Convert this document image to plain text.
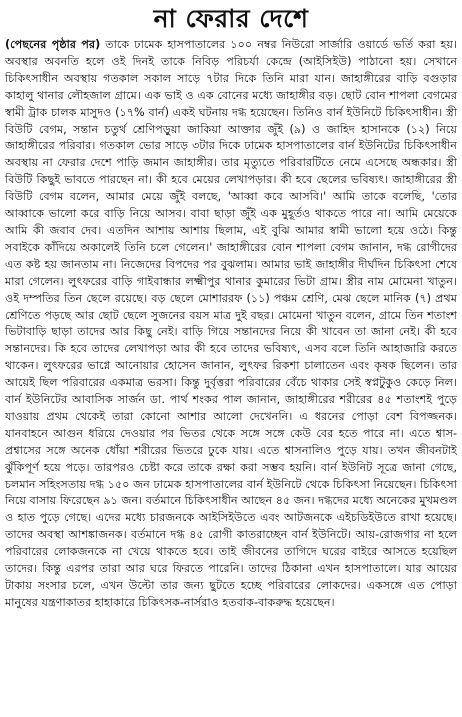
না ফেরার দেশে

(পেছনের পৃষ্ঠার পর) তাকে ঢামেক হাসপাতালের ১০০ নম্বর নিউরো সার্জারি ওয়ার্ডে ভর্তি করা হয়। অবস্থার অবনতি হলে ওই দিনই তাকে নিবিড় পরিচর্যা কেন্দ্রে (আইসিইউ) পাঠানো হয়। সেখানে চিকিৎসাধীন অবস্থায় গতকাল সকাল সাড়ে ৭টার দিকে তিনি মারা যান। জাহাঙ্গীরের বাড়ি বগুড়ার কাহালু থানার লৌহজাল গ্রামে। এক ভাই ও এক বোনের মধ্যে জাহাঙ্গীর বড়। ছোট বোন শাপলা বেগমের স্বামী ট্রাক চালক মাসুদও (১৭% বার্ন) একই ঘটনায় দগ্ধ হয়েছেন। তিনিও বার্ন ইউনিটে চিকিৎসাধীন। স্ত্রী বিউটি বেগম, সন্তান চতুর্থ শ্রেণিপড়ুয়া জাকিয়া আক্তার জুঁই (৯) ও জাহিদ হাসানকে (১২) নিয়ে জাহাঙ্গীরের পরিবার। গতকাল ভোর সাড়ে ৩টার দিকে ঢামেক হাসপাতালের বার্ন ইউনিটের চিকিৎসাধীন অবস্থায় না ফেরার দেশে পাড়ি জমান জাহাঙ্গীর। তার মৃত্যুতে পরিবারটিতে নেমে এসেছে অন্ধকার। স্ত্রী বিউটি কিছুই ভাবতে পারছেন না। কী হবে মেয়ের লেখাপড়ার। কী হবে ছেলের ভবিষ্যৎ। জাহাঙ্গীরের স্ত্রী বিউটি বেগম বলেন, আমার মেয়ে জুঁই বলছে, 'আব্বা কবে আসবি।' আমি তাকে বলেছি, 'তোর আব্বাকে ভালো করে বাড়ি নিয়ে আসব। বাবা ছাড়া জুঁই এক মুহূর্তও থাকতে পারে না। আমি মেয়েকে আমি কী জবাব দেব। এতদিন আশায় আশায় ছিলাম, এই বুঝি আমার স্বামী ভালো হয়ে ওঠে। কিন্তু সবাইকে কাঁদিয়ে অকালেই তিনি চলে গেলেন।' জাহাঙ্গীরের বোন শাপলা বেগম জানান, দগ্ধ রোগীদের এত কষ্ট হয় জানতাম না। নিজেদের বিপদের পর বুঝলাম। আমার ভাই জাহাঙ্গীর দীর্ঘদিন চিকিৎসা শেষে মারা গেলেন। লুৎফরের বাড়ি গাইবান্ধার লক্ষ্মীপুর থানার কুমারের ভিটা গ্রাম। স্ত্রীর নাম মোমেনা খাতুন। ওই দম্পতির তিন ছেলে রয়েছে। বড় ছেলে মোশাররফ (১১) পঞ্চম শ্রেণি, মেঝ ছেলে মানিক (৭) প্রথম শ্রেণিতে পড়ছে আর ছোট ছেলে সুজনের বয়স মাত্র দুই বছর। মোমেনা খাতুন বলেন, গ্রামে তিন শতাংশ ভিটাবাড়ি ছাড়া তাদের আর কিছু নেই। বাড়ি গিয়ে সন্তানদের নিয়ে কী খাবেন তা জানা নেই। কী হবে সন্তানদের। কি হবে তাদের লেখাপড়া আর কী হবে তাদের ভবিষ্যৎ, এসব বলে তিনি আহাজারি করতে থাকেন। লুৎফরের ভাগ্নে আনোয়ার হোসেন জানান, লুৎফর রিকশা চালাতেন এবং কৃষক ছিলেন। তার আয়েই ছিল পরিবারের একমাত্র ভরসা। কিন্তু দুর্বৃত্তরা পরিবারের বেঁচে থাকার সেই স্বপ্নটুকুও কেড়ে নিল। বার্ন ইউনিটের আবাসিক সার্জন ডা. পার্থ শংকর পাল জানান, জাহাঙ্গীরের শরীরের ৪৫ শতাংশই পুড়ে যাওয়ায় প্রথম থেকেই তারা কোনো আশার আলো দেখেননি। এ ধরনের পোড়া বেশ বিপজ্জনক। যানবাহনে আগুন ধরিয়ে দেওয়ার পর ভিতর থেকে সঙ্গে সঙ্গে কেউ বের হতে পারে না। এতে শ্বাস-প্রশ্বাসের সঙ্গে অনেক ধোঁয়া শরীরের ভিতরে ঢুকে যায়। এতে শ্বাসনালিও পুড়ে যায়। তখন জীবনটাই ঝুঁকিপূর্ণ হয়ে পড়ে। তারপরও চেষ্টা করে তাকে রক্ষা করা সম্ভব হয়নি। বার্ন ইউনিট সূত্রে জানা গেছে, চলমান সহিংসতায় দগ্ধ ১৫০ জন ঢামেক হাসপাতালের বার্ন ইউনিটে থেকে চিকিৎসা নিয়েছেন। চিকিৎসা নিয়ে বাসায় ফিরেছেন ৯১ জন। বর্তমানে চিকিৎসাধীন আছেন ৪৫ জন। দগ্ধদের মধ্যে অনেকের মুখমণ্ডল ও হাত পুড়ে গেছে। এদের মধ্যে চারজনকে আইসিইউতে এবং আটজনকে এইচডিইউতে রাখা হয়েছে। তাদের অবস্থা আশঙ্কাজনক। বর্তমানে দগ্ধ ৪৫ রোগী কাতরাচ্ছেন বার্ন ইউনিটে। আয়-রোজগার না হলে পরিবারের লোকজনকে না খেয়ে থাকতে হবে। তাই জীবনের তাগিদে ঘরের বাইরে আসতে হয়েছিল তাদের। কিন্তু এরপর তারা আর ঘরে ফিরতে পারেনি। তাদের ঠিকানা এখন হাসপাতালে। যার আয়ের টাকায় সংসার চলে, এখন উল্টো তার জন্য ছুটতে হচ্ছে পরিবারের লোকদের। একসঙ্গে এত পোড়া মানুষের যন্ত্রণাকাতর হাহাকারে চিকিৎসক-নার্সরাও হতবাক-বাকরুদ্ধ হয়েছেন।
